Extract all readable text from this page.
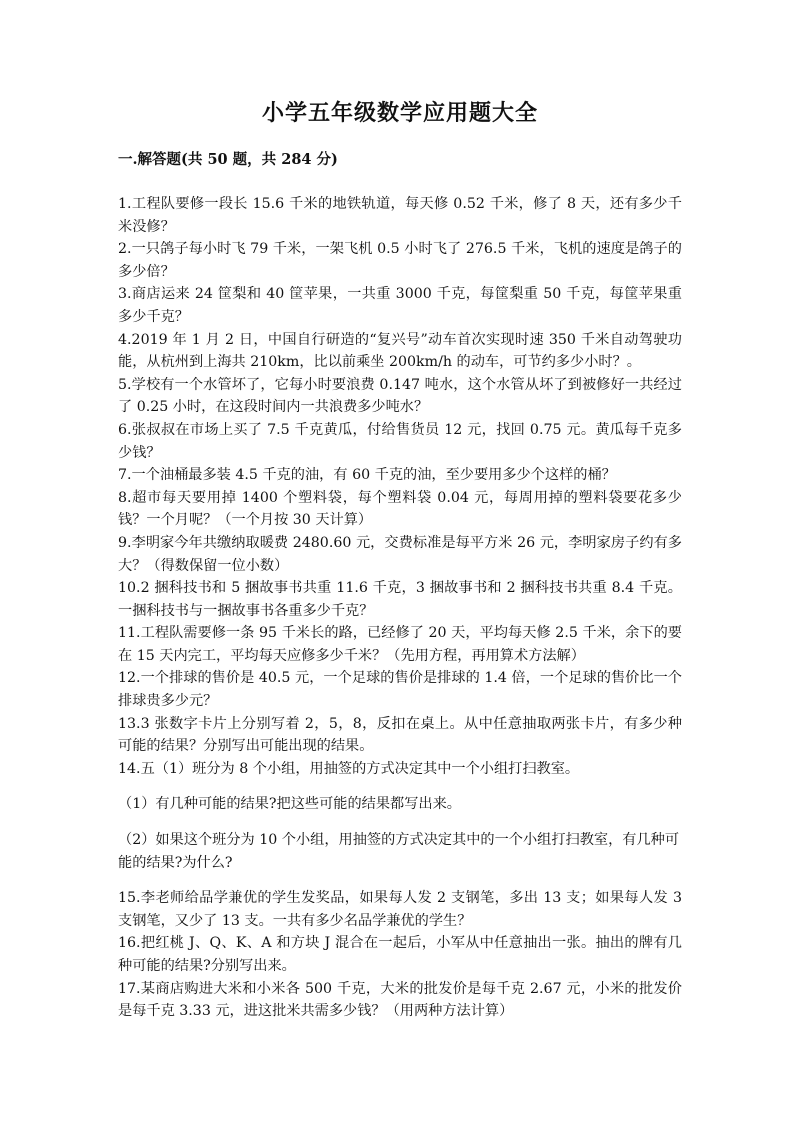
小学五年级数学应用题大全
一.解答题(共 50 题，共 284 分)

1.工程队要修一段长 15.6 千米的地铁轨道，每天修 0.52 千米，修了 8 天，还有多少千米没修？

2.一只鸽子每小时飞 79 千米，一架飞机 0.5 小时飞了 276.5 千米，飞机的速度是鸽子的多少倍？

3.商店运来 24 筐梨和 40 筐苹果，一共重 3000 千克，每筐梨重 50 千克，每筐苹果重多少千克？

4.2019 年 1 月 2 日，中国自行研造的“复兴号”动车首次实现时速 350 千米自动驾驶功能，从杭州到上海共 210km，比以前乘坐 200km/h 的动车，可节约多少小时？。

5.学校有一个水管坏了，它每小时要浪费 0.147 吨水，这个水管从坏了到被修好一共经过了 0.25 小时，在这段时间内一共浪费多少吨水？

6.张叔叔在市场上买了 7.5 千克黄瓜，付给售货员 12 元，找回 0.75 元。黄瓜每千克多少钱？

7.一个油桶最多装 4.5 千克的油，有 60 千克的油，至少要用多少个这样的桶？

8.超市每天要用掉 1400 个塑料袋，每个塑料袋 0.04 元，每周用掉的塑料袋要花多少钱？一个月呢？（一个月按 30 天计算）

9.李明家今年共缴纳取暖费 2480.60 元，交费标准是每平方米 26 元，李明家房子约有多大？（得数保留一位小数）

10.2 捆科技书和 5 捆故事书共重 11.6 千克，3 捆故事书和 2 捆科技书共重 8.4 千克。一捆科技书与一捆故事书各重多少千克？

11.工程队需要修一条 95 千米长的路，已经修了 20 天，平均每天修 2.5 千米，余下的要在 15 天内完工，平均每天应修多少千米？（先用方程，再用算术方法解）

12.一个排球的售价是 40.5 元，一个足球的售价是排球的 1.4 倍，一个足球的售价比一个排球贵多少元？

13.3 张数字卡片上分别写着 2，5，8，反扣在桌上。从中任意抽取两张卡片，有多少种可能的结果？分别写出可能出现的结果。

14.五（1）班分为 8 个小组，用抽签的方式决定其中一个小组打扫教室。

（1）有几种可能的结果?把这些可能的结果都写出来。

（2）如果这个班分为 10 个小组，用抽签的方式决定其中的一个小组打扫教室，有几种可能的结果?为什么?

15.李老师给品学兼优的学生发奖品，如果每人发 2 支钢笔，多出 13 支；如果每人发 3 支钢笔，又少了 13 支。一共有多少名品学兼优的学生？

16.把红桃 J、Q、K、A 和方块 J 混合在一起后，小军从中任意抽出一张。抽出的牌有几种可能的结果?分别写出来。

17.某商店购进大米和小米各 500 千克，大米的批发价是每千克 2.67 元，小米的批发价是每千克 3.33 元，进这批米共需多少钱？（用两种方法计算）
